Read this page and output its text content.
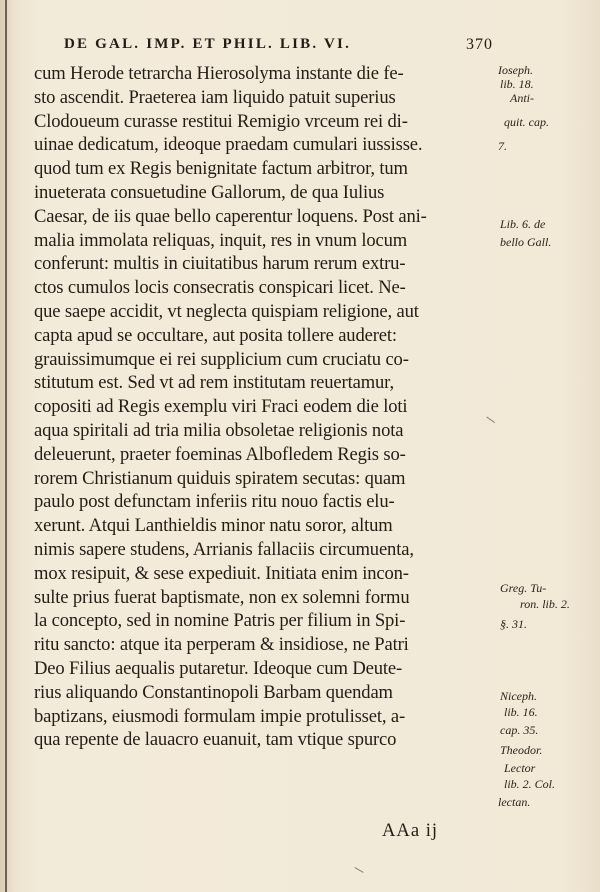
DE GAL. IMP. ET PHIL. LIB. VI.	370
cum Herode tetrarcha Hierosolyma instante die fe-
sto ascendit. Praeterea iam liquido patuit superius
Clodoueum curasse restitui Remigio vrceum rei di-
uinae dedicatum, ideoque praedam cumulari iussisse.
quod tum ex Regis benignitate factum arbitror, tum
inueterata consuetudine Gallorum, de qua Iulius
Caesar, de iis quae bello caperentur loquens. Post ani-
malia immolata reliquas, inquit, res in vnum locum
conferunt: multis in ciuitatibus harum rerum extru-
ctos cumulos locis consecratis conspicari licet. Ne-
que saepe accidit, vt neglecta quispiam religione, aut
capta apud se occultare, aut posita tollere auderet:
grauissimumque ei rei supplicium cum cruciatu co-
stitutum est. Sed vt ad rem institutam reuertamur,
copositi ad Regis exemplu viri Fraci eodem die loti
aqua spiritali ad tria milia obsoletae religionis nota
deleuerunt, praeter foeminas Albofledem Regis so-
rorem Christianum quiduis spiratem secutas: quam
paulo post defunctam inferiis ritu nouo factis elu-
xerunt. Atqui Lanthieldis minor natu soror, altum
nimis sapere studens, Arrianis fallaciis circumuenta,
mox resipuit, & sese expediuit. Initiata enim incon-
sulte prius fuerat baptismate, non ex solemni formu
la concepto, sed in nomine Patris per filium in Spi-
ritu sancto: atque ita perperam & insidiose, ne Patri
Deo Filius aequalis putaretur. Ideoque cum Deute-
rius aliquando Constantinopoli Barbam quendam
baptizans, eiusmodi formulam impie protulisset, a-
qua repente de lauacro euanuit, tam vtique spurco
Ioseph.
lib. 18.
Anti-
quit. cap.
7.
Lib. 6. de
bello Gall.
Greg. Tu-
ron. lib. 2.
§. 31.
Niceph.
lib. 16.
cap. 35.
Theodor.
Lector
lib. 2. Col.
lectan.
AAa ij
